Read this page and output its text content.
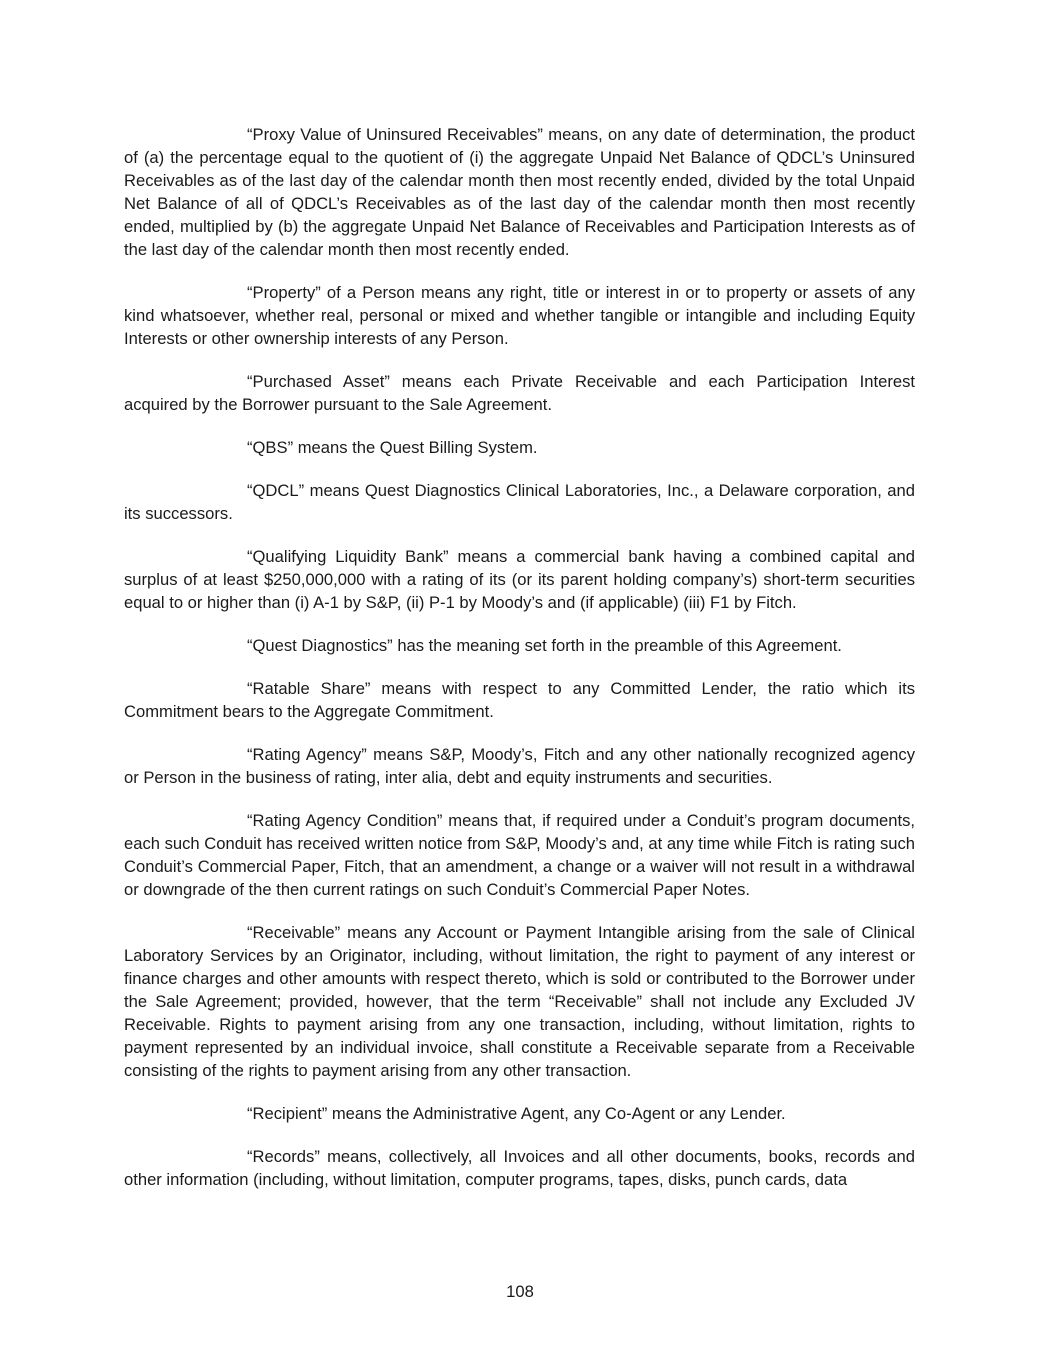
“Proxy Value of Uninsured Receivables” means, on any date of determination, the product of (a) the percentage equal to the quotient of (i) the aggregate Unpaid Net Balance of QDCL’s Uninsured Receivables as of the last day of the calendar month then most recently ended, divided by the total Unpaid Net Balance of all of QDCL’s Receivables as of the last day of the calendar month then most recently ended, multiplied by (b) the aggregate Unpaid Net Balance of Receivables and Participation Interests as of the last day of the calendar month then most recently ended.

“Property” of a Person means any right, title or interest in or to property or assets of any kind whatsoever, whether real, personal or mixed and whether tangible or intangible and including Equity Interests or other ownership interests of any Person.

“Purchased Asset” means each Private Receivable and each Participation Interest acquired by the Borrower pursuant to the Sale Agreement.

“QBS” means the Quest Billing System.

“QDCL” means Quest Diagnostics Clinical Laboratories, Inc., a Delaware corporation, and its successors.

“Qualifying Liquidity Bank” means a commercial bank having a combined capital and surplus of at least $250,000,000 with a rating of its (or its parent holding company’s) short-term securities equal to or higher than (i) A-1 by S&P, (ii) P-1 by Moody’s and (if applicable) (iii) F1 by Fitch.

“Quest Diagnostics” has the meaning set forth in the preamble of this Agreement.

“Ratable Share” means with respect to any Committed Lender, the ratio which its Commitment bears to the Aggregate Commitment.

“Rating Agency” means S&P, Moody’s, Fitch and any other nationally recognized agency or Person in the business of rating, inter alia, debt and equity instruments and securities.

“Rating Agency Condition” means that, if required under a Conduit’s program documents, each such Conduit has received written notice from S&P, Moody’s and, at any time while Fitch is rating such Conduit’s Commercial Paper, Fitch, that an amendment, a change or a waiver will not result in a withdrawal or downgrade of the then current ratings on such Conduit’s Commercial Paper Notes.

“Receivable” means any Account or Payment Intangible arising from the sale of Clinical Laboratory Services by an Originator, including, without limitation, the right to payment of any interest or finance charges and other amounts with respect thereto, which is sold or contributed to the Borrower under the Sale Agreement; provided, however, that the term “Receivable” shall not include any Excluded JV Receivable. Rights to payment arising from any one transaction, including, without limitation, rights to payment represented by an individual invoice, shall constitute a Receivable separate from a Receivable consisting of the rights to payment arising from any other transaction.

“Recipient” means the Administrative Agent, any Co-Agent or any Lender.

“Records” means, collectively, all Invoices and all other documents, books, records and other information (including, without limitation, computer programs, tapes, disks, punch cards, data

108
